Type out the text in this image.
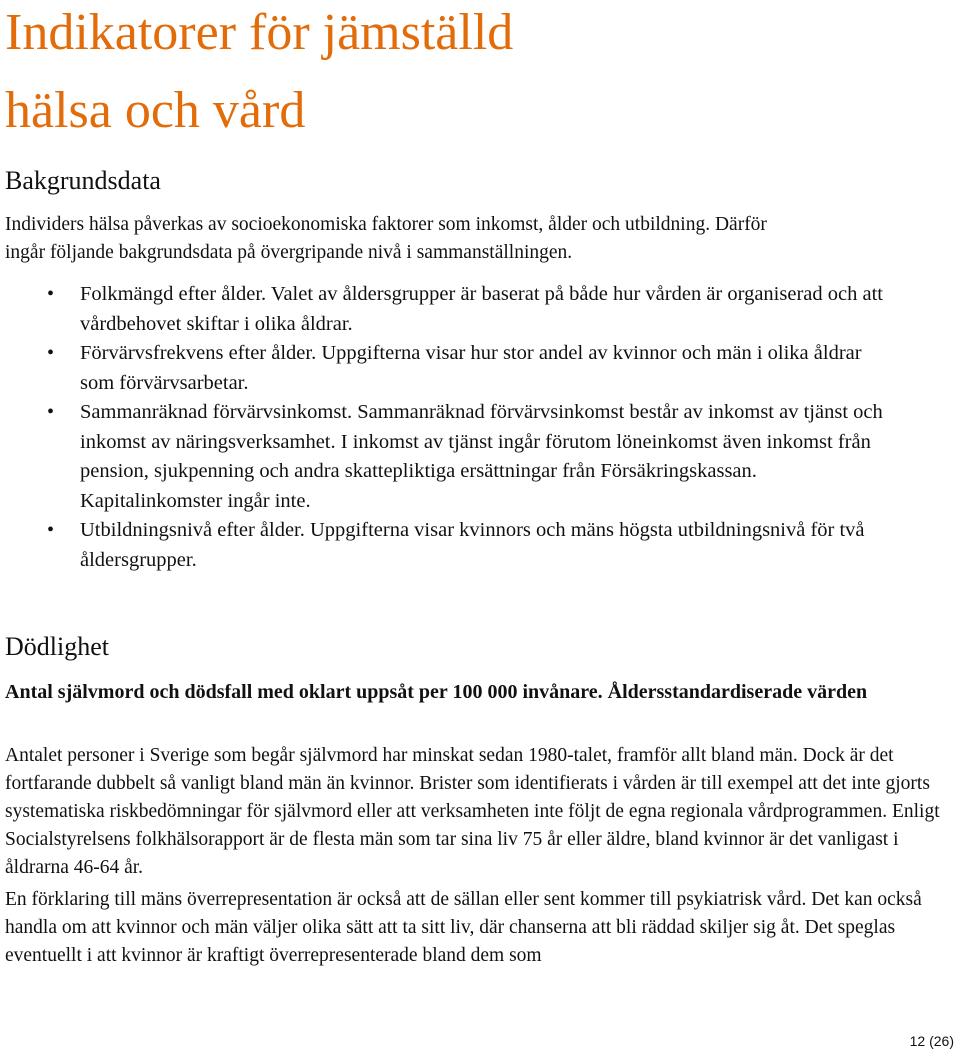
Indikatorer för jämställd
hälsa och vård
Bakgrundsdata

Individers hälsa påverkas av socioekonomiska faktorer som inkomst, ålder och utbildning. Därför
ingår följande bakgrundsdata på övergripande nivå i sammanställningen.

• Folkmängd efter ålder. Valet av åldersgrupper är baserat på både hur vården är organiserad och att vårdbehovet skiftar i olika åldrar.
• Förvärvsfrekvens efter ålder. Uppgifterna visar hur stor andel av kvinnor och män i olika åldrar som förvärvsarbetar.
• Sammanräknad förvärvsinkomst. Sammanräknad förvärvsinkomst består av inkomst av tjänst och inkomst av näringsverksamhet. I inkomst av tjänst ingår förutom löneinkomst även inkomst från pension, sjukpenning och andra skattepliktiga ersättningar från Försäkringskassan. Kapitalinkomster ingår inte.
• Utbildningsnivå efter ålder. Uppgifterna visar kvinnors och mäns högsta utbildningsnivå för två åldersgrupper.
Dödlighet

Antal självmord och dödsfall med oklart uppsåt per 100 000 invånare. Åldersstandardiserade värden

Antalet personer i Sverige som begår självmord har minskat sedan 1980-talet, framför allt bland män. Dock är det fortfarande dubbelt så vanligt bland män än kvinnor. Brister som identifierats i vården är till exempel att det inte gjorts systematiska riskbedömningar för självmord eller att verksamheten inte följt de egna regionala vårdprogrammen. Enligt Socialstyrelsens folkhälsorapport är de flesta män som tar sina liv 75 år eller äldre, bland kvinnor är det vanligast i åldrarna 46-64 år.

En förklaring till mäns överrepresentation är också att de sällan eller sent kommer till psykiatrisk vård. Det kan också handla om att kvinnor och män väljer olika sätt att ta sitt liv, där chanserna att bli räddad skiljer sig åt. Det speglas eventuellt i att kvinnor är kraftigt överrepresenterade bland dem som

12 (26)
